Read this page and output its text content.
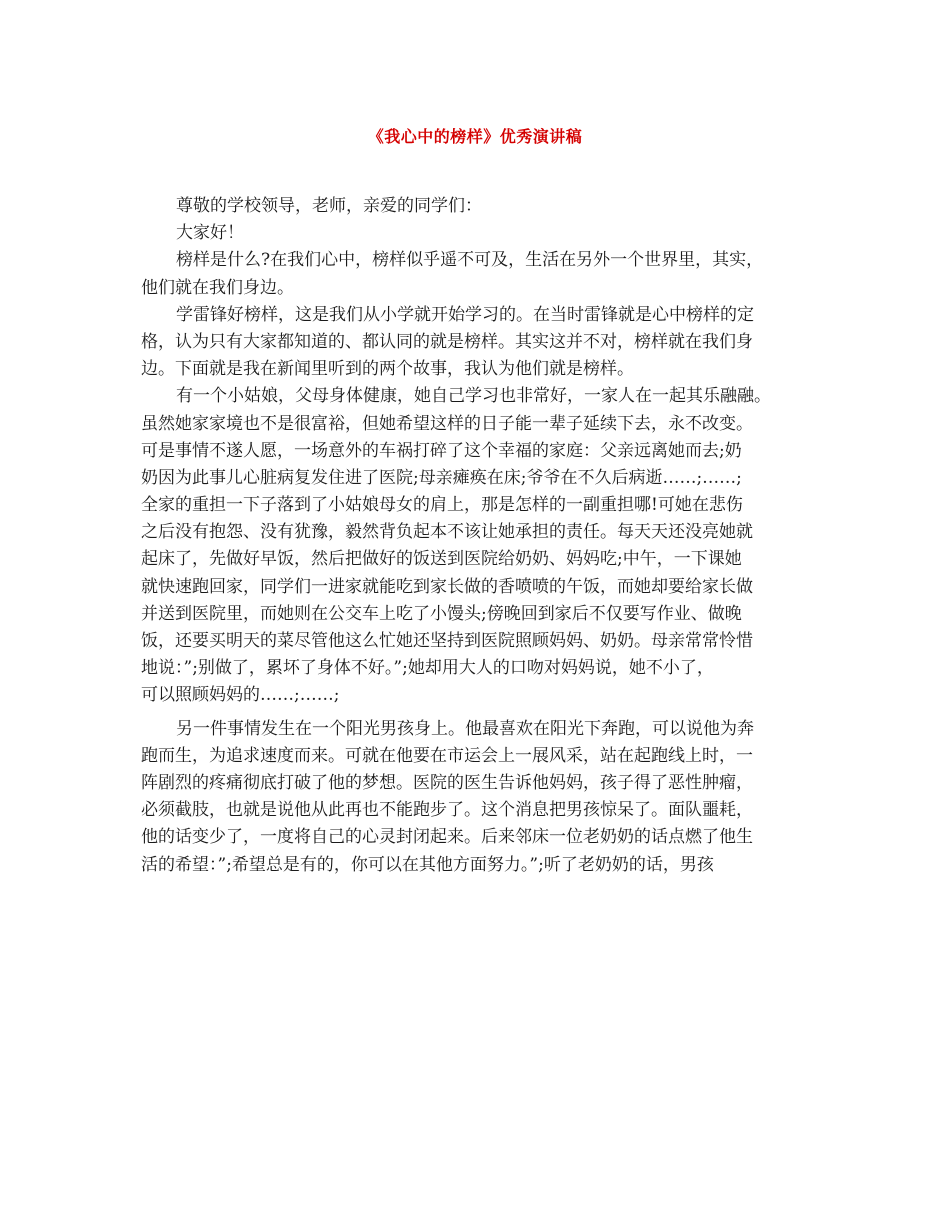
《我心中的榜样》优秀演讲稿
尊敬的学校领导，老师，亲爱的同学们：
大家好！
榜样是什么?在我们心中，榜样似乎遥不可及，生活在另外一个世界里，其实，
他们就在我们身边。
学雷锋好榜样，这是我们从小学就开始学习的。在当时雷锋就是心中榜样的定
格，认为只有大家都知道的、都认同的就是榜样。其实这并不对，榜样就在我们身
边。下面就是我在新闻里听到的两个故事，我认为他们就是榜样。
有一个小姑娘，父母身体健康，她自己学习也非常好，一家人在一起其乐融融。
虽然她家家境也不是很富裕，但她希望这样的日子能一辈子延续下去，永不改变。
可是事情不遂人愿，一场意外的车祸打碎了这个幸福的家庭：父亲远离她而去;奶
奶因为此事儿心脏病复发住进了医院;母亲瘫痪在床;爷爷在不久后病逝……;……;
全家的重担一下子落到了小姑娘母女的肩上，那是怎样的一副重担哪!可她在悲伤
之后没有抱怨、没有犹豫，毅然背负起本不该让她承担的责任。每天天还没亮她就
起床了，先做好早饭，然后把做好的饭送到医院给奶奶、妈妈吃;中午，一下课她
就快速跑回家，同学们一进家就能吃到家长做的香喷喷的午饭，而她却要给家长做
并送到医院里，而她则在公交车上吃了小馒头;傍晚回到家后不仅要写作业、做晚
饭，还要买明天的菜尽管他这么忙她还坚持到医院照顾妈妈、奶奶。母亲常常怜惜
地说：”;别做了，累坏了身体不好。”;她却用大人的口吻对妈妈说，她不小了，
可以照顾妈妈的……;……;
另一件事情发生在一个阳光男孩身上。他最喜欢在阳光下奔跑，可以说他为奔
跑而生，为追求速度而来。可就在他要在市运会上一展风采，站在起跑线上时，一
阵剧烈的疼痛彻底打破了他的梦想。医院的医生告诉他妈妈，孩子得了恶性肿瘤，
必须截肢，也就是说他从此再也不能跑步了。这个消息把男孩惊呆了。面队噩耗，
他的话变少了，一度将自己的心灵封闭起来。后来邻床一位老奶奶的话点燃了他生
活的希望：”;希望总是有的，你可以在其他方面努力。”;听了老奶奶的话，男孩
